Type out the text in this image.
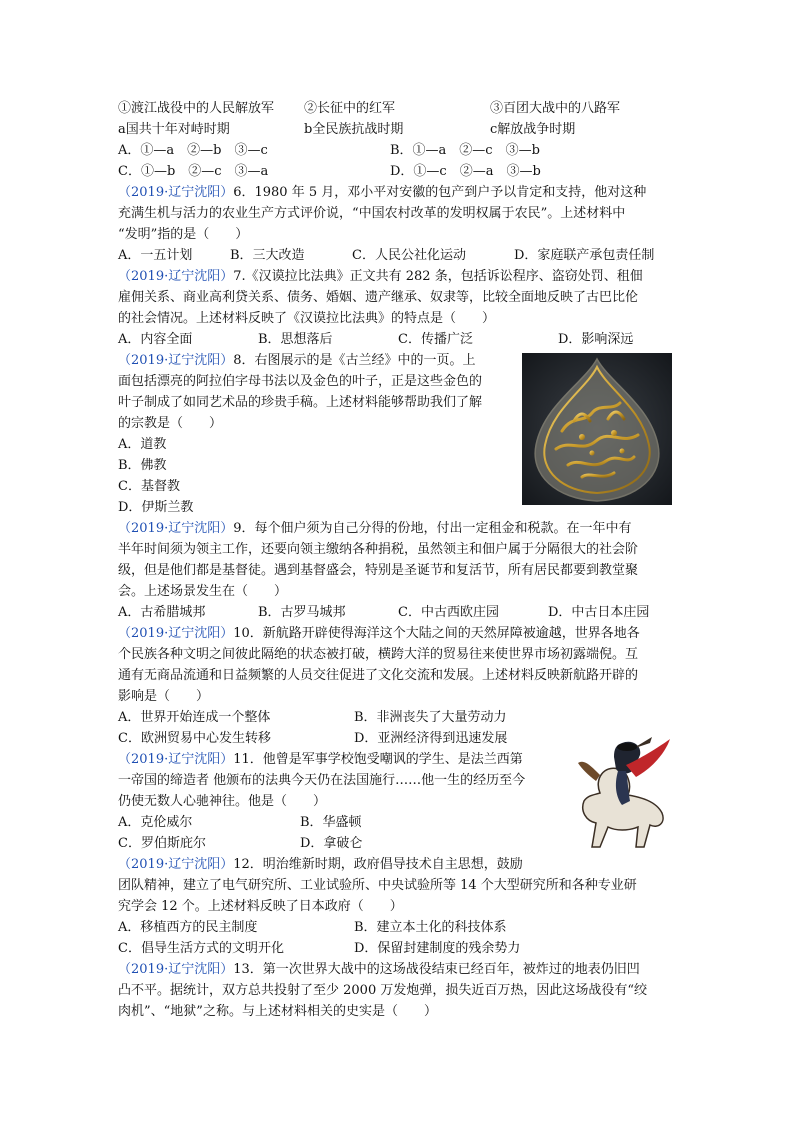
①渡江战役中的人民解放军	②长征中的红军	③百团大战中的八路军
a国共十年对峙时期	b全民族抗战时期	c解放战争时期
A．①—a　②—b　③—c	B．①—a　②—c　③—b
C．①—b　②—c　③—a	D．①—c　②—a　③—b
（2019·辽宁沈阳）6．1980 年 5 月，邓小平对安徽的包产到户予以肯定和支持，他对这种
充满生机与活力的农业生产方式评价说，“中国农村改革的发明权属于农民”。上述材料中
“发明”指的是（　　）
A．一五计划	B．三大改造	C．人民公社化运动	D．家庭联产承包责任制
（2019·辽宁沈阳）7.《汉谟拉比法典》正文共有 282 条，包括诉讼程序、盗窃处罚、租佃
雇佣关系、商业高利贷关系、债务、婚姻、遗产继承、奴隶等，比较全面地反映了古巴比伦
的社会情况。上述材料反映了《汉谟拉比法典》的特点是（　　）
A．内容全面	B．思想落后	C．传播广泛	D．影响深远
（2019·辽宁沈阳）8．右图展示的是《古兰经》中的一页。上
面包括漂亮的阿拉伯字母书法以及金色的叶子，正是这些金色的
叶子制成了如同艺术品的珍贵手稿。上述材料能够帮助我们了解
的宗教是（　　）
A．道教
B．佛教
C．基督教
D．伊斯兰教
（2019·辽宁沈阳）9．每个佃户须为自己分得的份地，付出一定租金和税款。在一年中有
半年时间须为领主工作，还要向领主缴纳各种捐税，虽然领主和佃户属于分隔很大的社会阶
级，但是他们都是基督徒。遇到基督盛会，特别是圣诞节和复活节，所有居民都要到教堂聚
会。上述场景发生在（　　）
A．古希腊城邦	B．古罗马城邦	C．中古西欧庄园	D．中古日本庄园
（2019·辽宁沈阳）10．新航路开辟使得海洋这个大陆之间的天然屏障被逾越，世界各地各
个民族各种文明之间彼此隔绝的状态被打破，横跨大洋的贸易往来使世界市场初露端倪。互
通有无商品流通和日益频繁的人员交往促进了文化交流和发展。上述材料反映新航路开辟的
影响是（　　）
A．世界开始连成一个整体	B．非洲丧失了大量劳动力
C．欧洲贸易中心发生转移	D．亚洲经济得到迅速发展
（2019·辽宁沈阳）11．他曾是军事学校饱受嘲讽的学生、是法兰西第
一帝国的缔造者 他颁布的法典今天仍在法国施行……他一生的经历至今
仍使无数人心驰神往。他是（　　）
A．克伦威尔	B．华盛顿
C．罗伯斯庇尔	D．拿破仑
（2019·辽宁沈阳）12．明治维新时期，政府倡导技术自主思想，鼓励
团队精神，建立了电气研究所、工业试验所、中央试验所等 14 个大型研究所和各种专业研
究学会 12 个。上述材料反映了日本政府（　　）
A．移植西方的民主制度	B．建立本土化的科技体系
C．倡导生活方式的文明开化	D．保留封建制度的残余势力
（2019·辽宁沈阳）13．第一次世界大战中的这场战役结束已经百年，被炸过的地表仍旧凹
凸不平。据统计，双方总共投射了至少 2000 万发炮弹，损失近百万热，因此这场战役有“绞
肉机”、“地狱”之称。与上述材料相关的史实是（　　）
